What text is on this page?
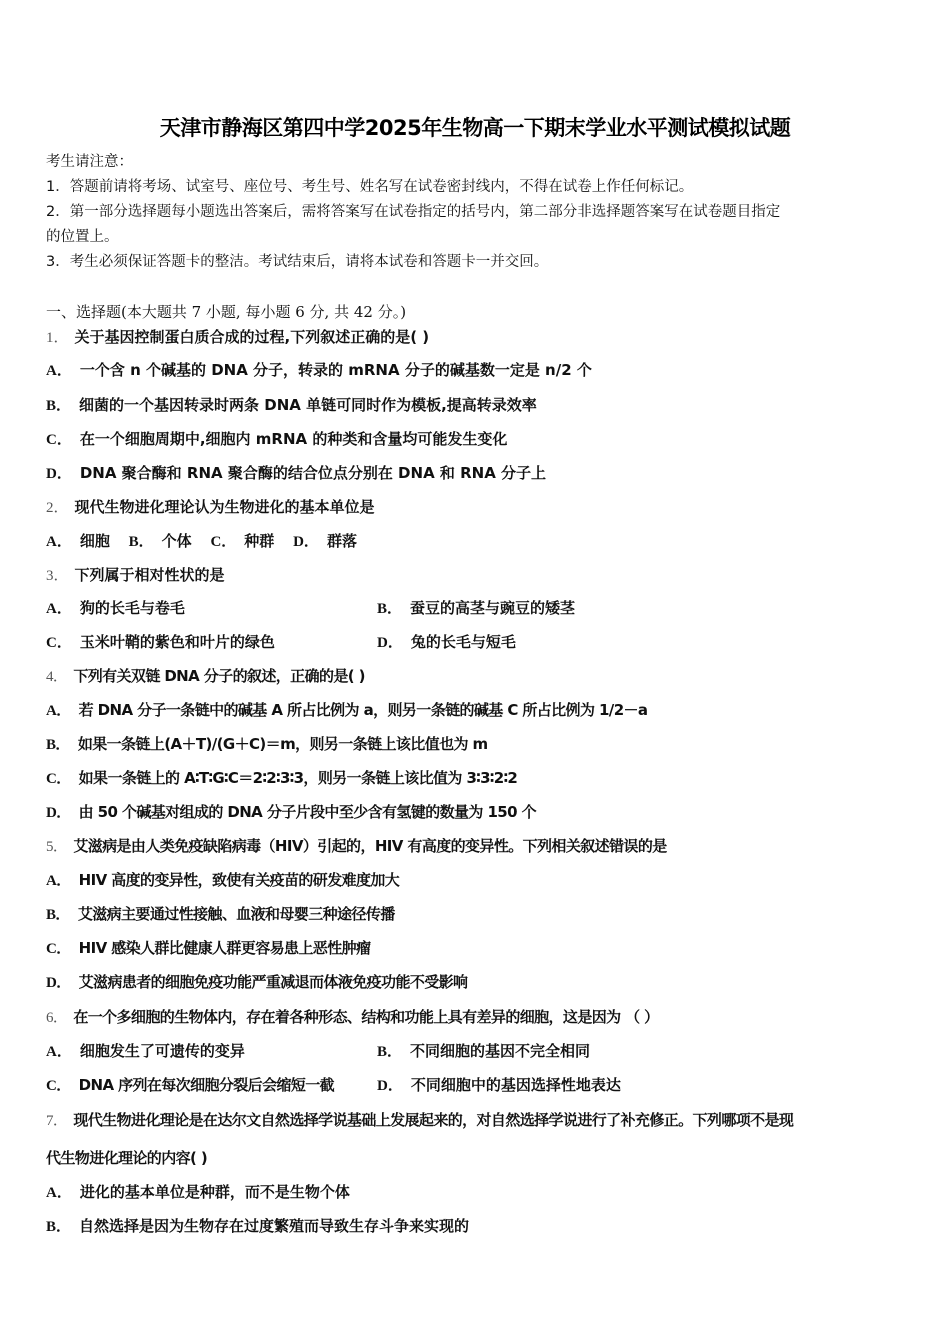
天津市静海区第四中学2025年生物高一下期末学业水平测试模拟试题
考生请注意：
1．答题前请将考场、试室号、座位号、考生号、姓名写在试卷密封线内，不得在试卷上作任何标记。
2．第一部分选择题每小题选出答案后，需将答案写在试卷指定的括号内，第二部分非选择题答案写在试卷题目指定
的位置上。
3．考生必须保证答题卡的整洁。考试结束后，请将本试卷和答题卡一并交回。
一、选择题(本大题共 7 小题, 每小题 6 分, 共 42 分。)
1． 关于基因控制蛋白质合成的过程,下列叙述正确的是( )
A． 一个含 n 个碱基的 DNA 分子，转录的 mRNA 分子的碱基数一定是 n/2 个
B． 细菌的一个基因转录时两条 DNA 单链可同时作为模板,提高转录效率
C． 在一个细胞周期中,细胞内 mRNA 的种类和含量均可能发生变化
D． DNA 聚合酶和 RNA 聚合酶的结合位点分别在 DNA 和 RNA 分子上
2． 现代生物进化理论认为生物进化的基本单位是
A． 细胞 B． 个体 C． 种群 D． 群落
3． 下列属于相对性状的是
A． 狗的长毛与卷毛	B． 蚕豆的高茎与豌豆的矮茎
C． 玉米叶鞘的紫色和叶片的绿色	D． 兔的长毛与短毛
4． 下列有关双链 DNA 分子的叙述，正确的是( )
A． 若 DNA 分子一条链中的碱基 A 所占比例为 a，则另一条链的碱基 C 所占比例为 1/2－a
B． 如果一条链上(A＋T)/(G＋C)＝m，则另一条链上该比值也为 m
C． 如果一条链上的 A∶T∶G∶C＝2∶2∶3∶3，则另一条链上该比值为 3∶3∶2∶2
D． 由 50 个碱基对组成的 DNA 分子片段中至少含有氢键的数量为 150 个
5． 艾滋病是由人类免疫缺陷病毒（HIV）引起的，HIV 有高度的变异性。下列相关叙述错误的是
A． HIV 高度的变异性，致使有关疫苗的研发难度加大
B． 艾滋病主要通过性接触、血液和母婴三种途径传播
C． HIV 感染人群比健康人群更容易患上恶性肿瘤
D． 艾滋病患者的细胞免疫功能严重减退而体液免疫功能不受影响
6． 在一个多细胞的生物体内，存在着各种形态、结构和功能上具有差异的细胞，这是因为 （ ）
A． 细胞发生了可遗传的变异	B． 不同细胞的基因不完全相同
C． DNA 序列在每次细胞分裂后会缩短一截	D． 不同细胞中的基因选择性地表达
7． 现代生物进化理论是在达尔文自然选择学说基础上发展起来的，对自然选择学说进行了补充修正。下列哪项不是现
代生物进化理论的内容( )
A． 进化的基本单位是种群，而不是生物个体
B． 自然选择是因为生物存在过度繁殖而导致生存斗争来实现的
